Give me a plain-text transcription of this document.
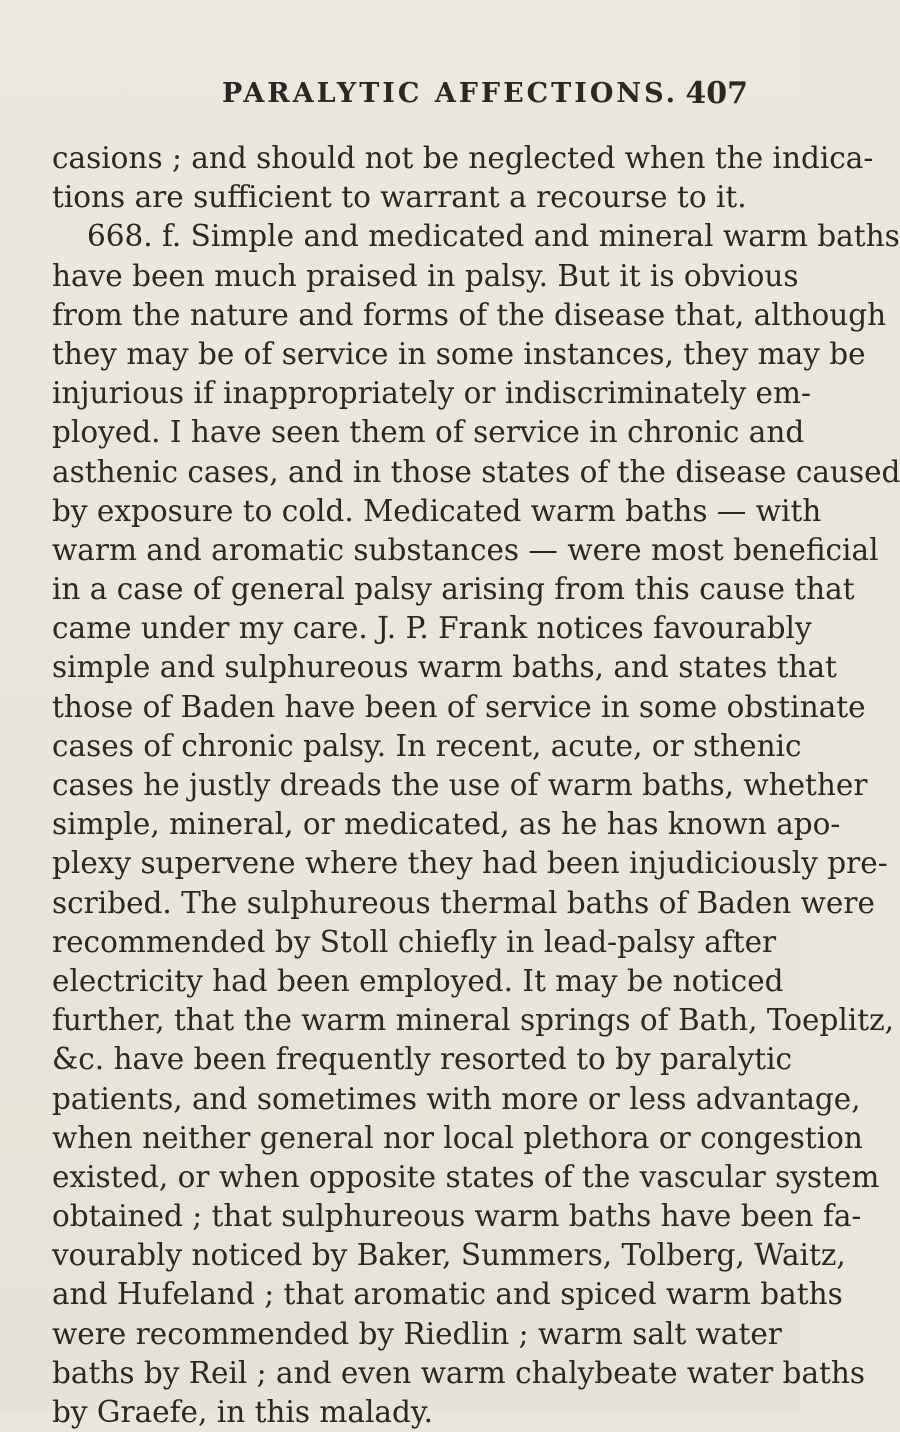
PARALYTIC AFFECTIONS. 407
casions ; and should not be neglected when the indica-
tions are sufficient to warrant a recourse to it.
668. f. Simple and medicated and mineral warm baths
have been much praised in palsy. But it is obvious
from the nature and forms of the disease that, although
they may be of service in some instances, they may be
injurious if inappropriately or indiscriminately em-
ployed. I have seen them of service in chronic and
asthenic cases, and in those states of the disease caused
by exposure to cold. Medicated warm baths — with
warm and aromatic substances — were most beneficial
in a case of general palsy arising from this cause that
came under my care. J. P. Frank notices favourably
simple and sulphureous warm baths, and states that
those of Baden have been of service in some obstinate
cases of chronic palsy. In recent, acute, or sthenic
cases he justly dreads the use of warm baths, whether
simple, mineral, or medicated, as he has known apo-
plexy supervene where they had been injudiciously pre-
scribed. The sulphureous thermal baths of Baden were
recommended by Stoll chiefly in lead-palsy after
electricity had been employed. It may be noticed
further, that the warm mineral springs of Bath, Toeplitz,
&c. have been frequently resorted to by paralytic
patients, and sometimes with more or less advantage,
when neither general nor local plethora or congestion
existed, or when opposite states of the vascular system
obtained ; that sulphureous warm baths have been fa-
vourably noticed by Baker, Summers, Tolberg, Waitz,
and Hufeland ; that aromatic and spiced warm baths
were recommended by Riedlin ; warm salt water
baths by Reil ; and even warm chalybeate water baths
by Graefe, in this malady.
